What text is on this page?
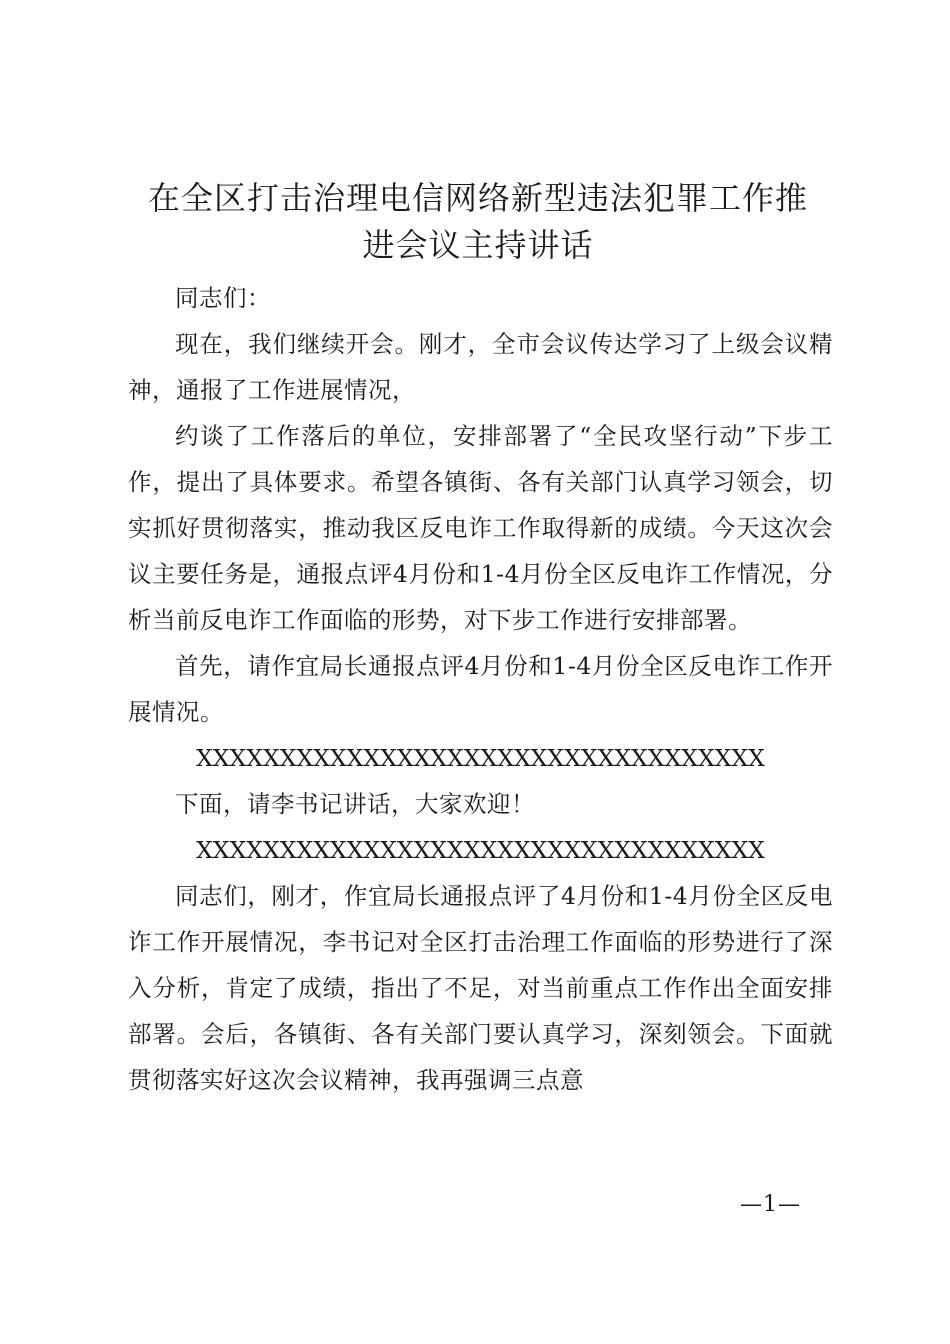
在全区打击治理电信网络新型违法犯罪工作推
进会议主持讲话

同志们：

现在，我们继续开会。刚才，全市会议传达学习了上级会议精神，通报了工作进展情况，

约谈了工作落后的单位，安排部署了“全民攻坚行动”下步工作，提出了具体要求。希望各镇街、各有关部门认真学习领会，切实抓好贯彻落实，推动我区反电诈工作取得新的成绩。今天这次会议主要任务是，通报点评4月份和1-4月份全区反电诈工作情况，分析当前反电诈工作面临的形势，对下步工作进行安排部署。

首先，请作宜局长通报点评4月份和1-4月份全区反电诈工作开展情况。

XXXXXXXXXXXXXXXXXXXXXXXXXXXXXXXXXX

下面，请李书记讲话，大家欢迎！

XXXXXXXXXXXXXXXXXXXXXXXXXXXXXXXXXX

同志们，刚才，作宜局长通报点评了4月份和1-4月份全区反电诈工作开展情况，李书记对全区打击治理工作面临的形势进行了深入分析，肯定了成绩，指出了不足，对当前重点工作作出全面安排部署。会后，各镇街、各有关部门要认真学习，深刻领会。下面就贯彻落实好这次会议精神，我再强调三点意

—1—
